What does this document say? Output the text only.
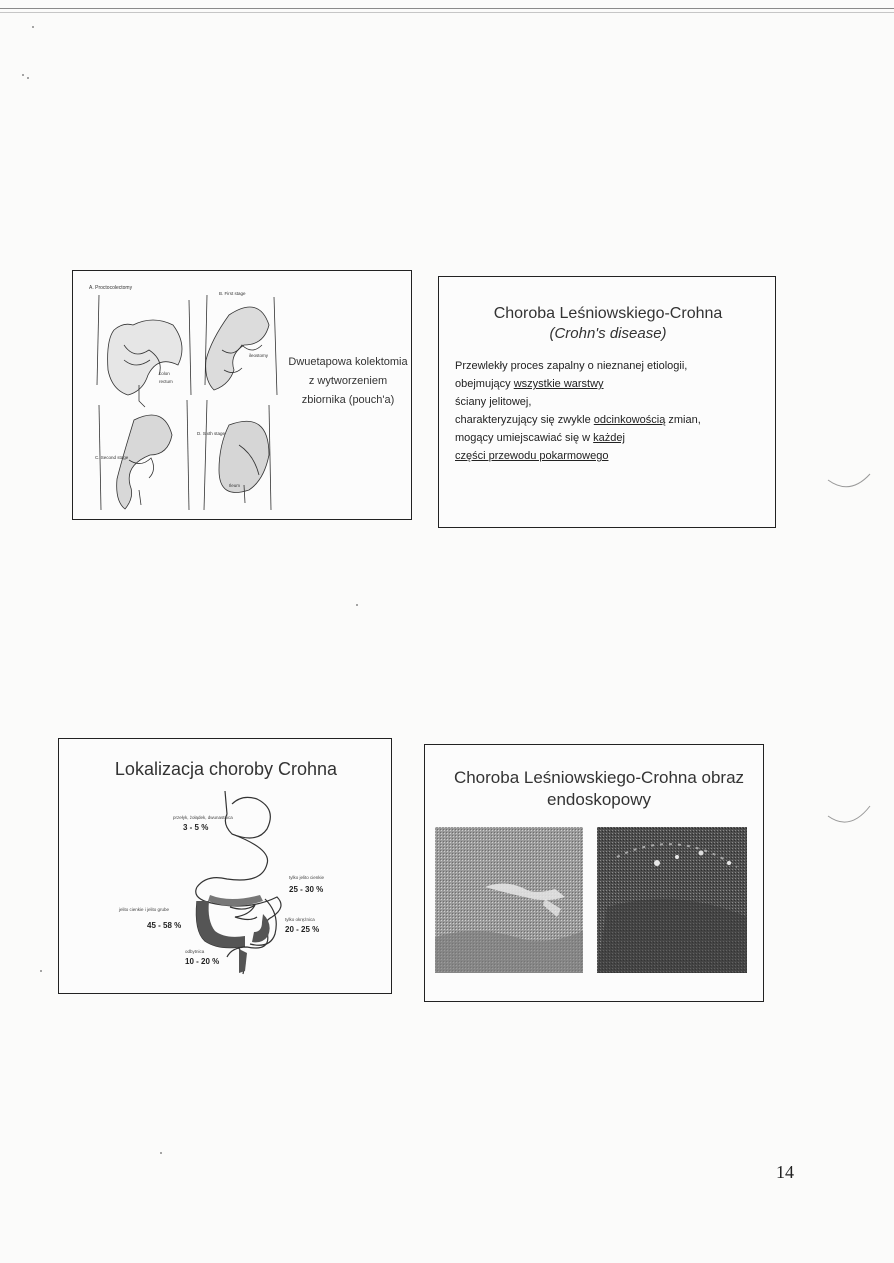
A. Proctocolectomy
B. First stage
C. Second stage
D. Sixth stage
ileostomy
Ileum
colon
rectum
Dwuetapowa kolektomia
z wytworzeniem
zbiornika (pouch'a)
Choroba Leśniowskiego-Crohna
(Crohn's disease)
Przewlekły proces zapalny o nieznanej etiologii,
obejmujący wszystkie warstwy
ściany jelitowej,
charakteryzujący się zwykle odcinkowością zmian,
mogący umiejscawiać się w każdej
części przewodu pokarmowego
Lokalizacja choroby Crohna
przełyk, żołądek, dwunastnica
3 - 5 %
tylko jelito cienkie
25 - 30 %
jelito cienkie i jelito grube
45 - 58 %
tylko okrężnica
20 - 25 %
odbytnica
10 - 20 %
Choroba Leśniowskiego-Crohna obraz endoskopowy
14
